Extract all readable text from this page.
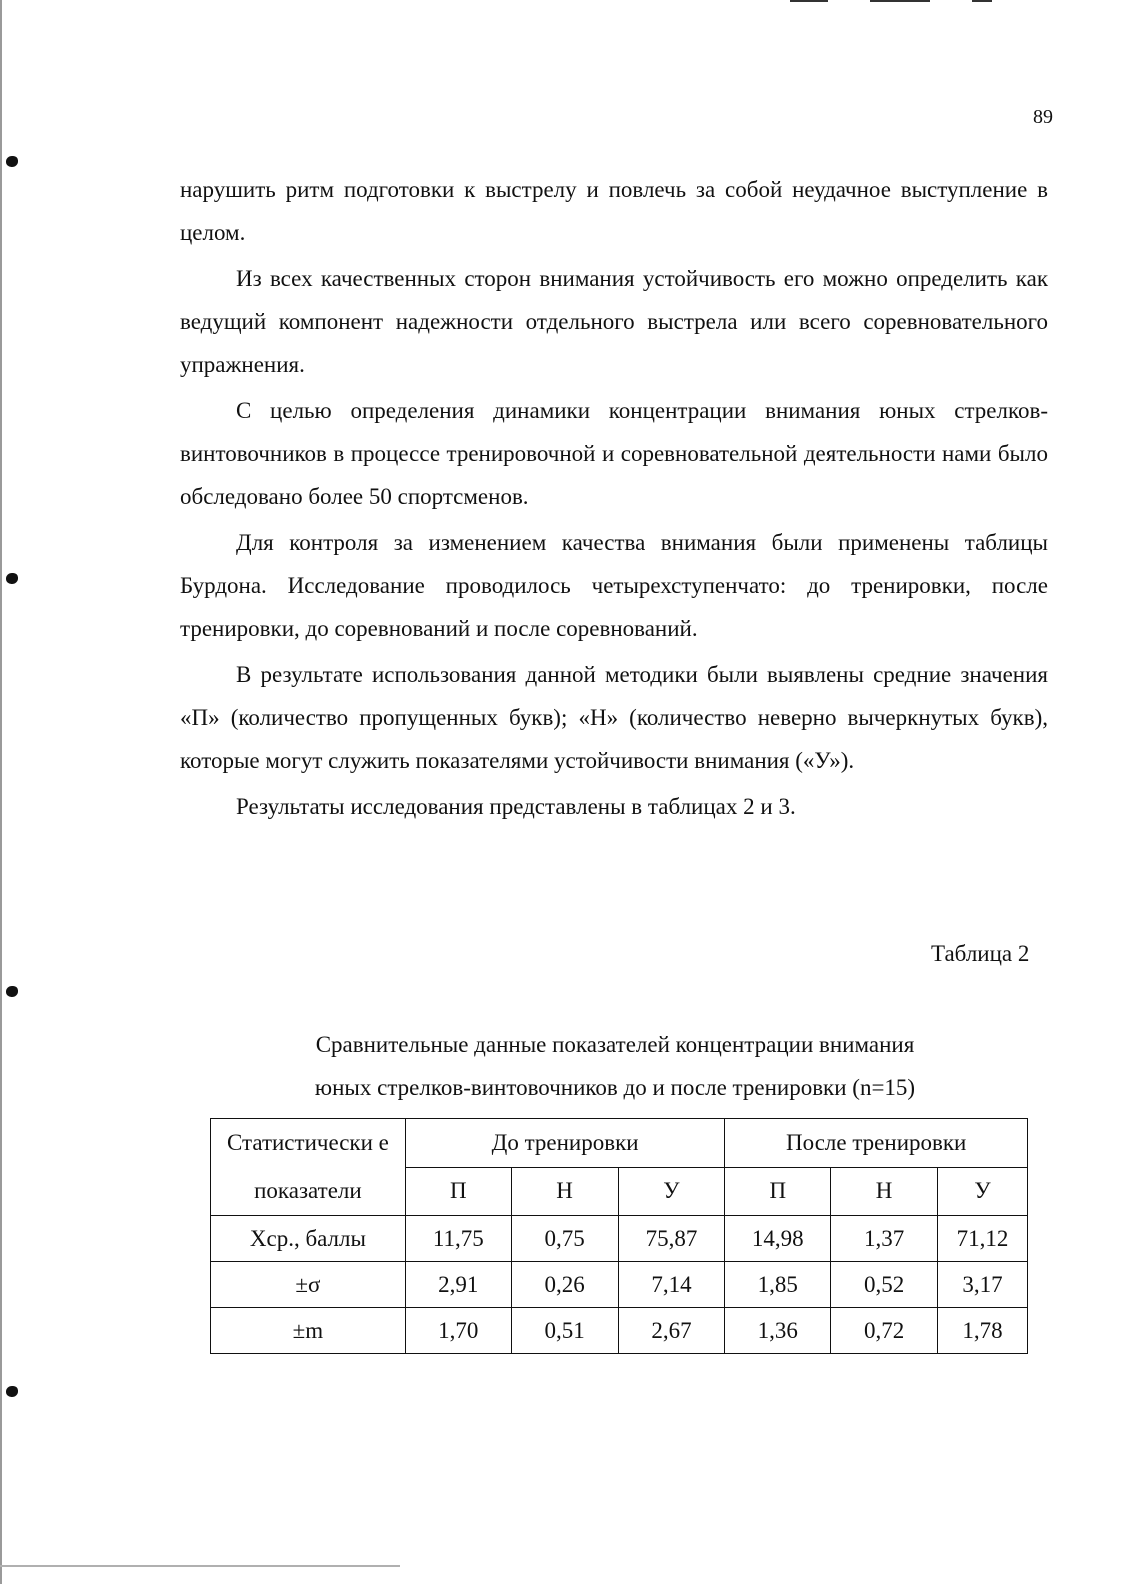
89

нарушить ритм подготовки к выстрелу и повлечь за собой неудачное выступление в целом.

Из всех качественных сторон внимания устойчивость его можно определить как ведущий компонент надежности отдельного выстрела или всего соревновательного упражнения.

С целью определения динамики концентрации внимания юных стрелков-винтовочников в процессе тренировочной и соревновательной деятельности нами было обследовано более 50 спортсменов.

Для контроля за изменением качества внимания были применены таблицы Бурдона. Исследование проводилось четырехступенчато: до тренировки, после тренировки, до соревнований и после соревнований.

В результате использования данной методики были выявлены средние значения «П» (количество пропущенных букв); «Н» (количество неверно вычеркнутых букв), которые могут служить показателями устойчивости внимания («У»).

Результаты исследования представлены в таблицах 2 и 3.

Таблица 2
Сравнительные данные показателей концентрации внимания
юных стрелков-винтовочников до и после тренировки (n=15)
Статистически е показатели	До тренировки			После тренировки		
	П	Н	У	П	Н	У
Хср., баллы	11,75	0,75	75,87	14,98	1,37	71,12
±σ	2,91	0,26	7,14	1,85	0,52	3,17
±m	1,70	0,51	2,67	1,36	0,72	1,78
